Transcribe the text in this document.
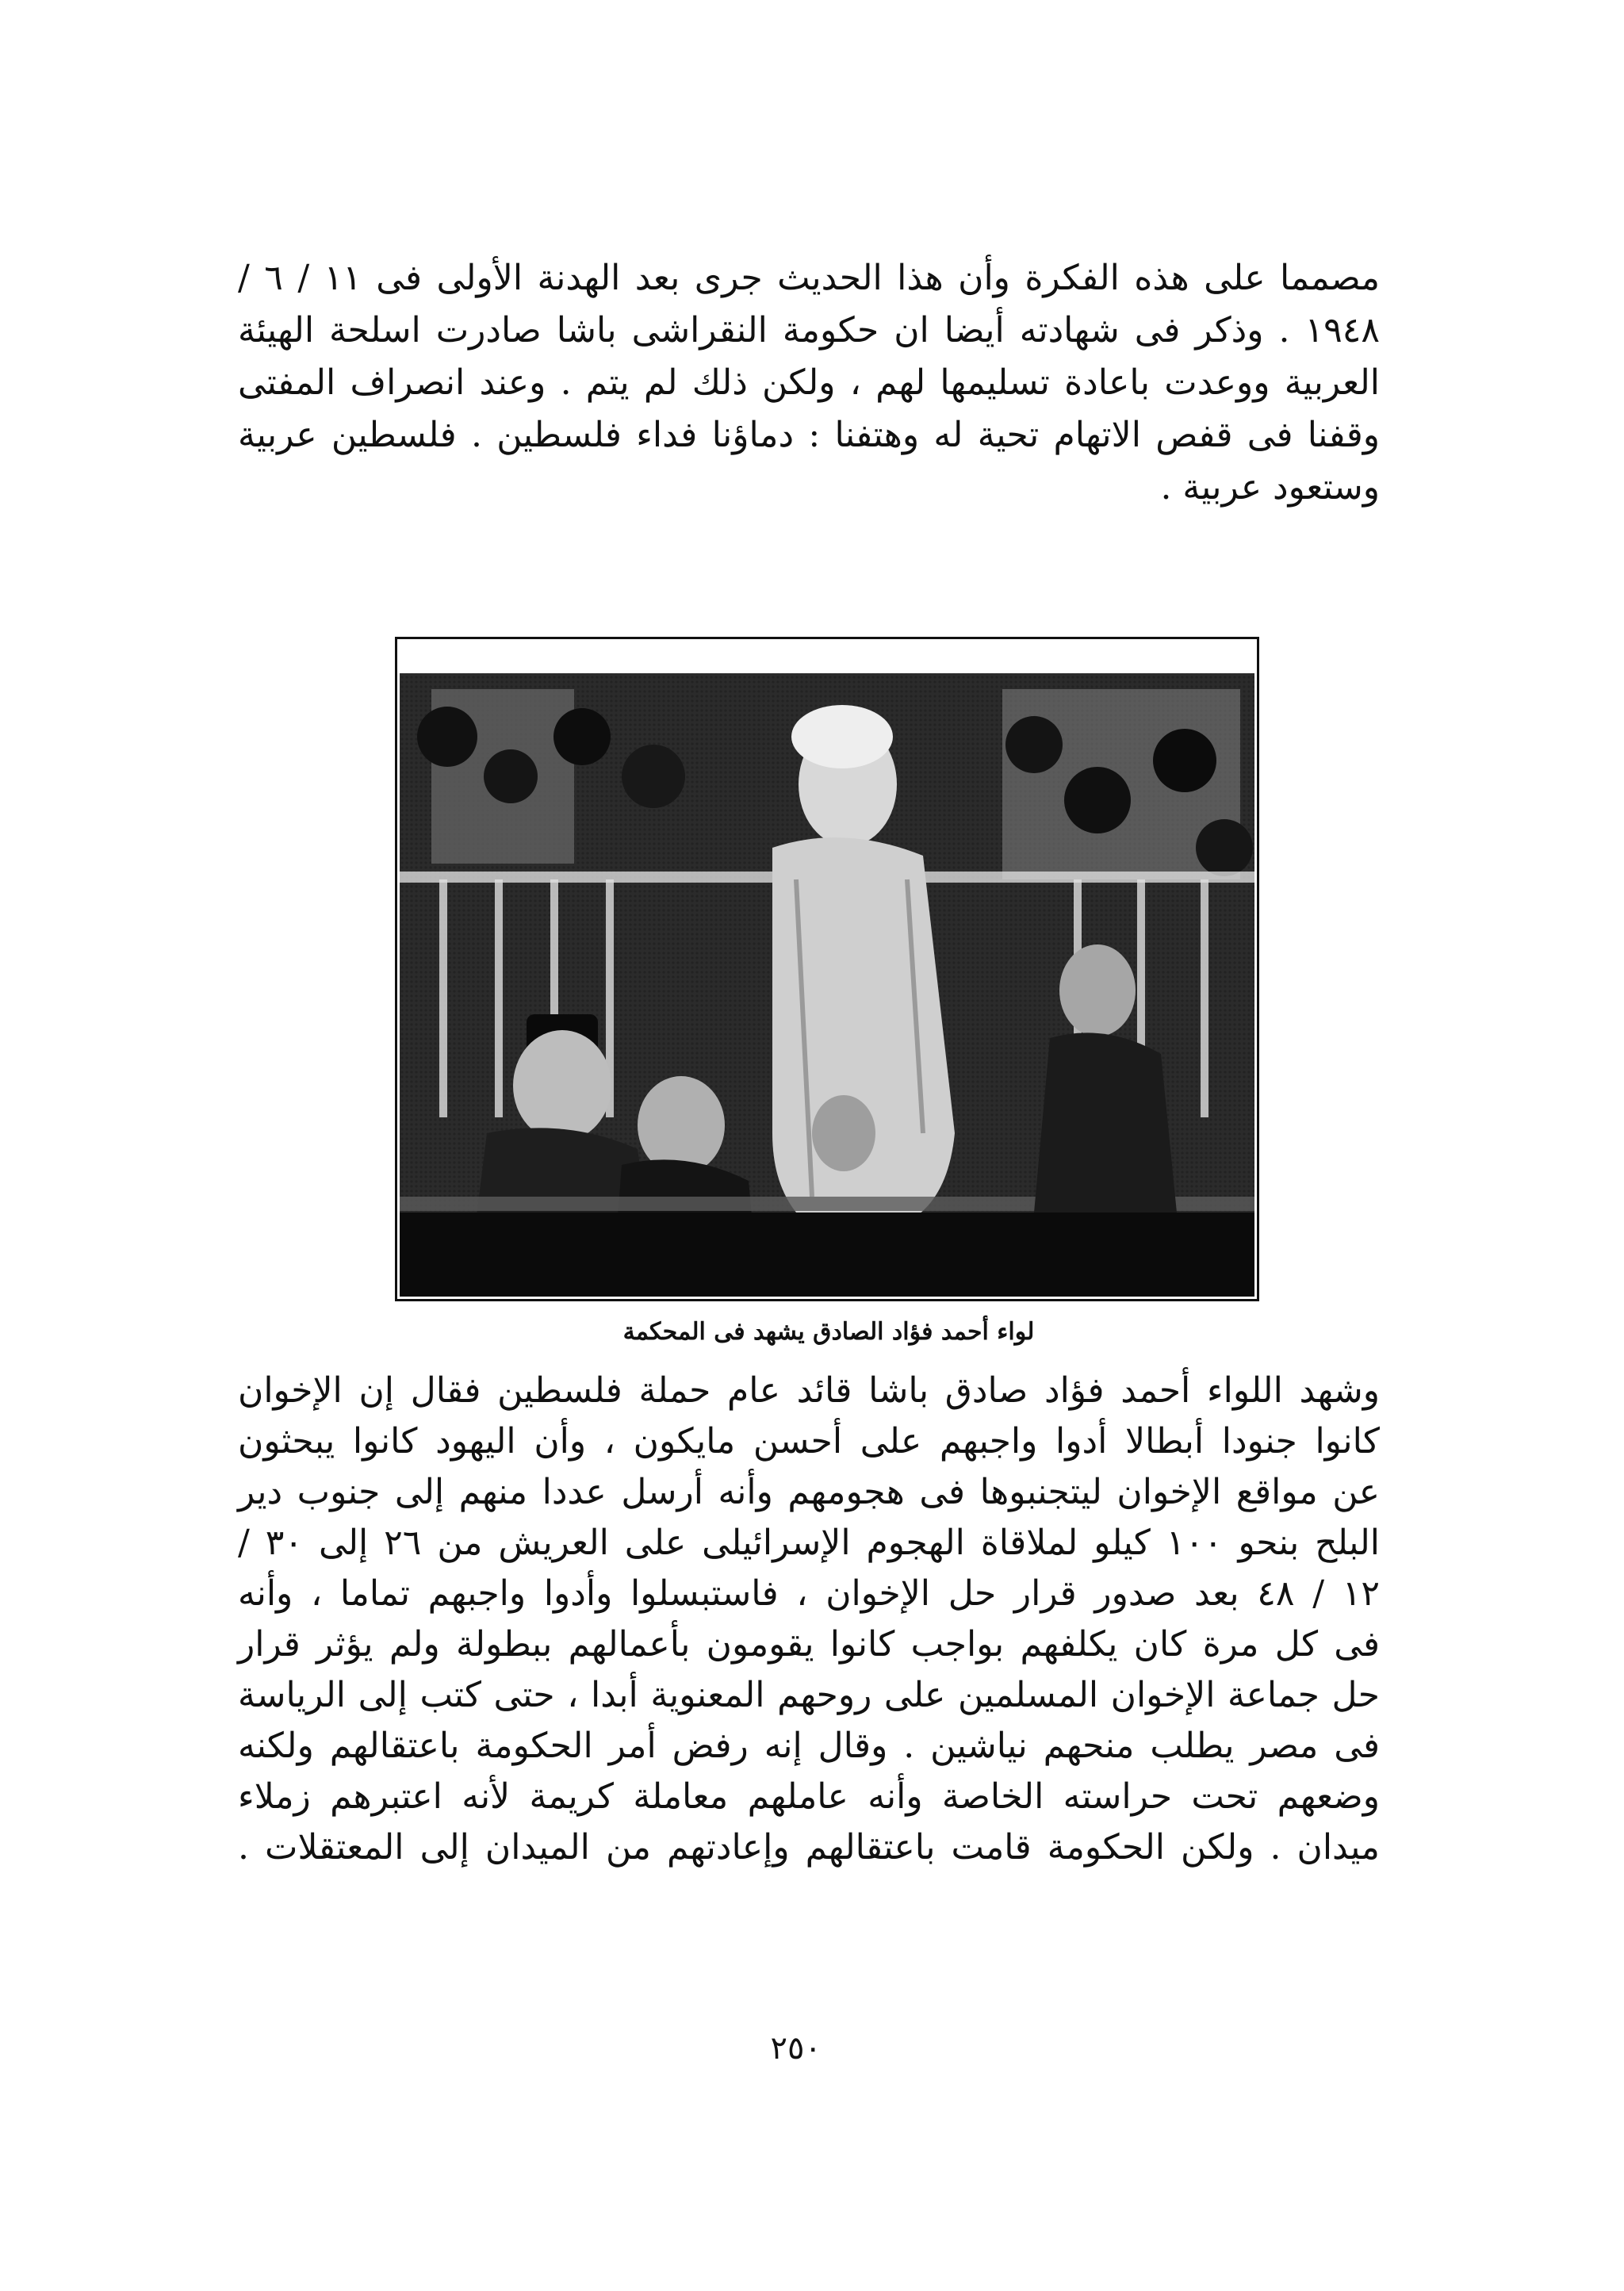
مصمما على هذه الفكرة وأن هذا الحديث جرى بعد الهدنة الأولى فى ١١ / ٦ /
١٩٤٨ . وذكر فى شهادته أيضا ان حكومة النقراشى باشا صادرت اسلحة الهيئة
العربية ووعدت باعادة تسليمها لهم ، ولكن ذلك لم يتم . وعند انصراف المفتى
وقفنا فى قفص الاتهام تحية له وهتفنا : دماؤنا فداء فلسطين . فلسطين عربية
وستعود عربية .
لواء أحمد فؤاد الصادق يشهد فى المحكمة
وشهد اللواء أحمد فؤاد صادق باشا قائد عام حملة فلسطين فقال إن الإخوان
كانوا جنودا أبطالا أدوا واجبهم على أحسن مايكون ، وأن اليهود كانوا يبحثون
عن مواقع الإخوان ليتجنبوها فى هجومهم وأنه أرسل عددا منهم إلى جنوب دير
البلح بنحو ١٠٠ كيلو لملاقاة الهجوم الإسرائيلى على العريش من ٢٦ إلى ٣٠ /
١٢ / ٤٨ بعد صدور قرار حل الإخوان ، فاستبسلوا وأدوا واجبهم تماما ، وأنه
فى كل مرة كان يكلفهم بواجب كانوا يقومون بأعمالهم ببطولة ولم يؤثر قرار
حل جماعة الإخوان المسلمين على روحهم المعنوية أبدا ، حتى كتب إلى الرياسة
فى مصر يطلب منحهم نياشين . وقال إنه رفض أمر الحكومة باعتقالهم ولكنه
وضعهم تحت حراسته الخاصة وأنه عاملهم معاملة كريمة لأنه اعتبرهم زملاء
ميدان . ولكن الحكومة قامت باعتقالهم وإعادتهم من الميدان إلى المعتقلات .
٢٥٠
